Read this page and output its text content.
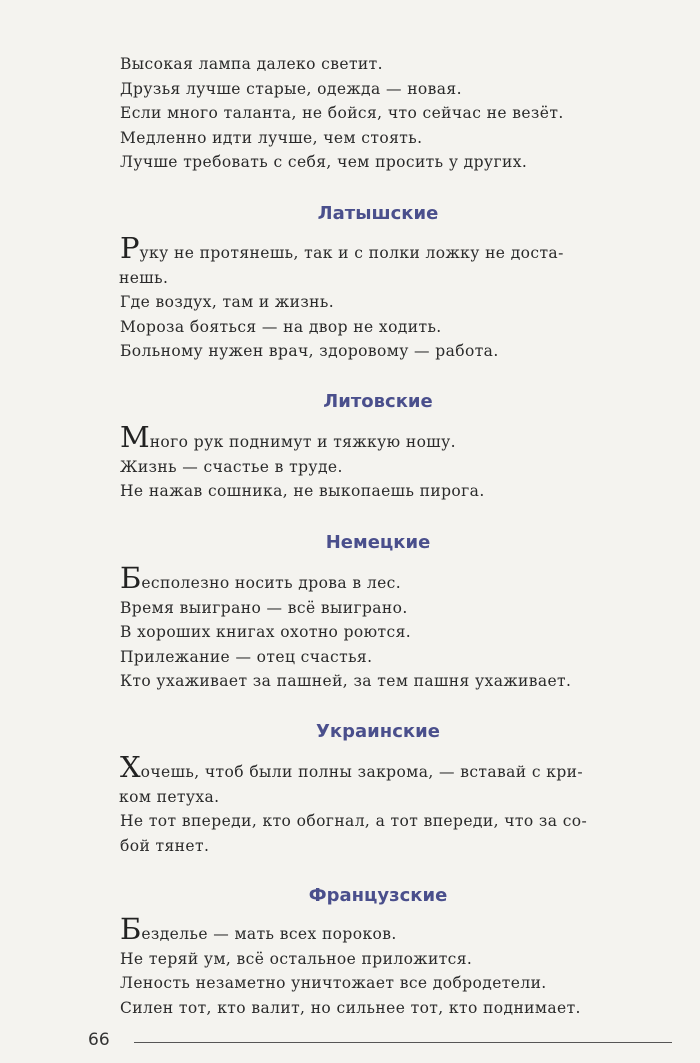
Высокая лампа далеко светит.
Друзья лучше старые, одежда — новая.
Если много таланта, не бойся, что сейчас не везёт.
Медленно идти лучше, чем стоять.
Лучше требовать с себя, чем просить у других.
Латышские
Руку не протянешь, так и с полки ложку не доста-
нешь.
Где воздух, там и жизнь.
Мороза бояться — на двор не ходить.
Больному нужен врач, здоровому — работа.
Литовские
Много рук поднимут и тяжкую ношу.
Жизнь — счастье в труде.
Не нажав сошника, не выкопаешь пирога.
Немецкие
Бесполезно носить дрова в лес.
Время выиграно — всё выиграно.
В хороших книгах охотно роются.
Прилежание — отец счастья.
Кто ухаживает за пашней, за тем пашня ухаживает.
Украинские
Хочешь, чтоб были полны закрома, — вставай с кри-
ком петуха.
Не тот впереди, кто обогнал, а тот впереди, что за со-
бой тянет.
Французские
Безделье — мать всех пороков.
Не теряй ум, всё остальное приложится.
Леность незаметно уничтожает все добродетели.
Силен тот, кто валит, но сильнее тот, кто поднимает.
66
